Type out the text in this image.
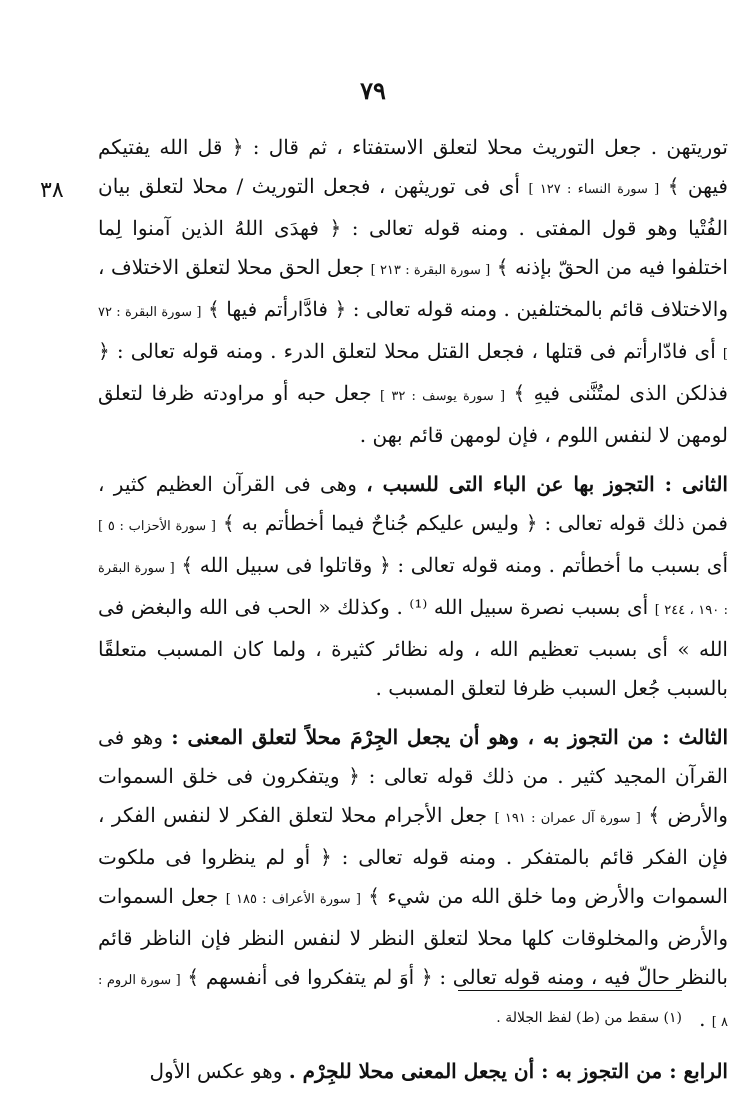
٧٩
٣٨
توريتهن . جعل التوريث محلا لتعلق الاستفتاء ، ثم قال : ﴿ قل الله يفتيكم فيهن ﴾ [ سورة النساء : ١٢٧ ] أى فى توريثهن ، فجعل التوريث / محلا لتعلق بيان الفُتْيا وهو قول المفتى . ومنه قوله تعالى : ﴿ فهدَى اللهُ الذين آمنوا لِما اختلفوا فيه من الحقّ بإذنه ﴾ [ سورة البقرة : ٢١٣ ] جعل الحق محلا لتعلق الاختلاف ، والاختلاف قائم بالمختلفين . ومنه قوله تعالى : ﴿ فادَّارأتم فيها ﴾ [ سورة البقرة : ٧٢ ] أى فادّارأتم فى قتلها ، فجعل القتل محلا لتعلق الدرء . ومنه قوله تعالى : ﴿ فذلكن الذى لمتُنَّنى فيهِ ﴾ [ سورة يوسف : ٣٢ ] جعل حبه أو مراودته ظرفا لتعلق لومهن لا لنفس اللوم ، فإن لومهن قائم بهن .
الثانى : التجوز بها عن الباء التى للسبب ، وهى فى القرآن العظيم كثير ، فمن ذلك قوله تعالى : ﴿ وليس عليكم جُناحٌ فيما أخطأتم به ﴾ [ سورة الأحزاب : ٥ ] أى بسبب ما أخطأتم . ومنه قوله تعالى : ﴿ وقاتلوا فى سبيل الله ﴾ [ سورة البقرة : ١٩٠ ، ٢٤٤ ] أى بسبب نصرة سبيل الله ⁽¹⁾ . وكذلك « الحب فى الله والبغض فى الله » أى بسبب تعظيم الله ، وله نظائر كثيرة ، ولما كان المسبب متعلقًا بالسبب جُعل السبب ظرفا لتعلق المسبب .
الثالث : من التجوز به ، وهو أن يجعل الجِرْمَ محلاً لتعلق المعنى : وهو فى القرآن المجيد كثير . من ذلك قوله تعالى : ﴿ ويتفكرون فى خلق السموات والأرض ﴾ [ سورة آل عمران : ١٩١ ] جعل الأجرام محلا لتعلق الفكر لا لنفس الفكر ، فإن الفكر قائم بالمتفكر . ومنه قوله تعالى : ﴿ أو لم ينظروا فى ملكوت السموات والأرض وما خلق الله من شيء ﴾ [ سورة الأعراف : ١٨٥ ] جعل السموات والأرض والمخلوقات كلها محلا لتعلق النظر لا لنفس النظر فإن الناظر قائم بالنظر حالّ فيه ، ومنه قوله تعالى : ﴿ أوَ لم يتفكروا فى أنفسهم ﴾ [ سورة الروم : ٨ ] .
الرابع : من التجوز به : أن يجعل المعنى محلا للجِرْم . وهو عكس الأول
(١) سقط من (ط) لفظ الجلالة .
